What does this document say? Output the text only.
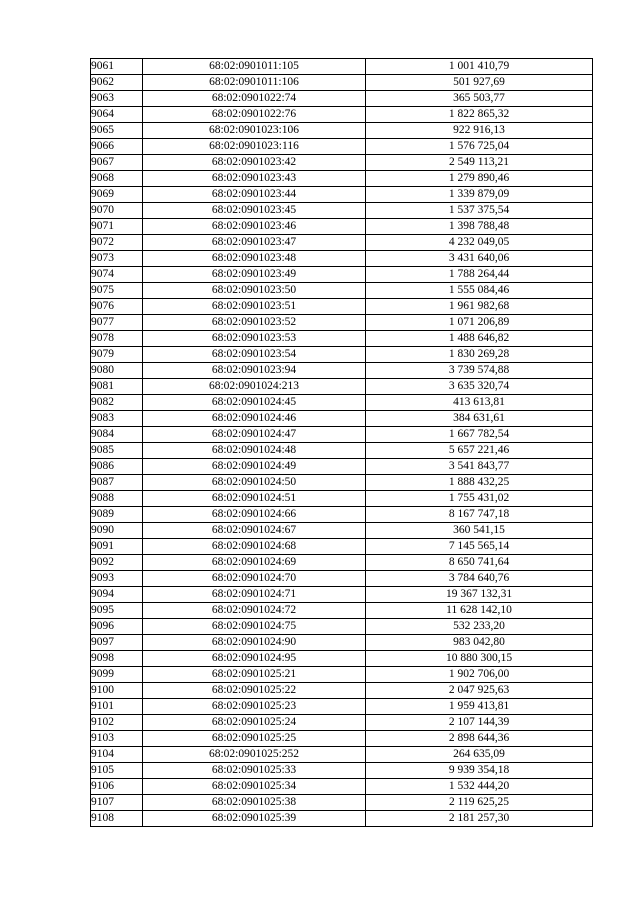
9061	68:02:0901011:105	1 001 410,79
9062	68:02:0901011:106	501 927,69
9063	68:02:0901022:74	365 503,77
9064	68:02:0901022:76	1 822 865,32
9065	68:02:0901023:106	922 916,13
9066	68:02:0901023:116	1 576 725,04
9067	68:02:0901023:42	2 549 113,21
9068	68:02:0901023:43	1 279 890,46
9069	68:02:0901023:44	1 339 879,09
9070	68:02:0901023:45	1 537 375,54
9071	68:02:0901023:46	1 398 788,48
9072	68:02:0901023:47	4 232 049,05
9073	68:02:0901023:48	3 431 640,06
9074	68:02:0901023:49	1 788 264,44
9075	68:02:0901023:50	1 555 084,46
9076	68:02:0901023:51	1 961 982,68
9077	68:02:0901023:52	1 071 206,89
9078	68:02:0901023:53	1 488 646,82
9079	68:02:0901023:54	1 830 269,28
9080	68:02:0901023:94	3 739 574,88
9081	68:02:0901024:213	3 635 320,74
9082	68:02:0901024:45	413 613,81
9083	68:02:0901024:46	384 631,61
9084	68:02:0901024:47	1 667 782,54
9085	68:02:0901024:48	5 657 221,46
9086	68:02:0901024:49	3 541 843,77
9087	68:02:0901024:50	1 888 432,25
9088	68:02:0901024:51	1 755 431,02
9089	68:02:0901024:66	8 167 747,18
9090	68:02:0901024:67	360 541,15
9091	68:02:0901024:68	7 145 565,14
9092	68:02:0901024:69	8 650 741,64
9093	68:02:0901024:70	3 784 640,76
9094	68:02:0901024:71	19 367 132,31
9095	68:02:0901024:72	11 628 142,10
9096	68:02:0901024:75	532 233,20
9097	68:02:0901024:90	983 042,80
9098	68:02:0901024:95	10 880 300,15
9099	68:02:0901025:21	1 902 706,00
9100	68:02:0901025:22	2 047 925,63
9101	68:02:0901025:23	1 959 413,81
9102	68:02:0901025:24	2 107 144,39
9103	68:02:0901025:25	2 898 644,36
9104	68:02:0901025:252	264 635,09
9105	68:02:0901025:33	9 939 354,18
9106	68:02:0901025:34	1 532 444,20
9107	68:02:0901025:38	2 119 625,25
9108	68:02:0901025:39	2 181 257,30
